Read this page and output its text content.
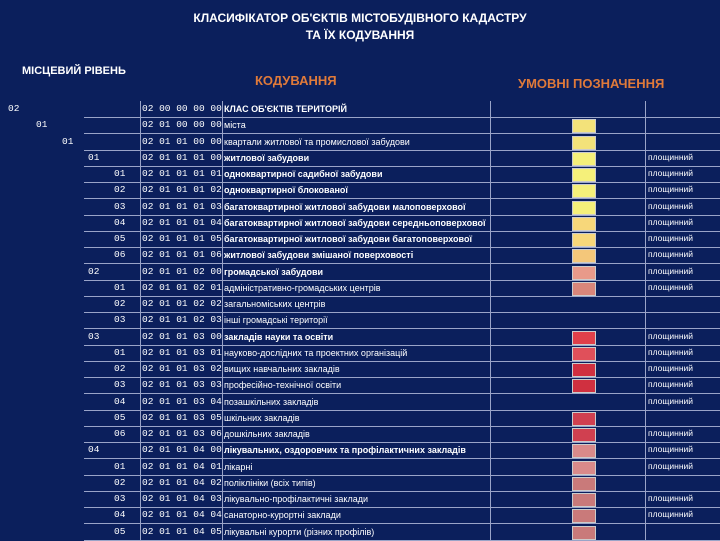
КЛАСИФІКАТОР ОБ'ЄКТІВ МІСТОБУДІВНОГО КАДАСТРУ
ТА ЇХ КОДУВАННЯ
МІСЦЕВИЙ РІВЕНЬ
КОДУВАННЯ	УМОВНІ ПОЗНАЧЕННЯ
02	02 00 00 00 00 КЛАС ОБ'ЄКТІВ ТЕРИТОРІЙ
01	02 01 00 00 00 міста
01	02 01 01 00 00 квартали житлової та промислової забудови
01	02 01 01 01 00 житлової забудови	площинний
01 02 01 01 01 01 одноквартирної садибної забудови	площинний
02 02 01 01 01 02 одноквартирної блокованої	площинний
03 02 01 01 01 03 багатоквартирної житлової забудови малоповерхової	площинний
04 02 01 01 01 04 багатоквартирної житлової забудови середньоповерхової	площинний
05 02 01 01 01 05 багатоквартирної житлової забудови багатоповерхової	площинний
06 02 01 01 01 06 житлової забудови змішаної поверховості	площинний
02	02 01 01 02 00 громадської забудови	площинний
01 02 01 01 02 01 адміністративно-громадських центрів	площинний
02 02 01 01 02 02 загальноміських центрів
03 02 01 01 02 03 інші громадські території
03	02 01 01 03 00 закладів науки та освіти	площинний
01 02 01 01 03 01 науково-дослідних та проектних організацій	площинний
02 02 01 01 03 02 вищих навчальних закладів	площинний
03 02 01 01 03 03 професійно-технічної освіти	площинний
04 02 01 01 03 04 позашкільних закладів	площинний
05 02 01 01 03 05 шкільних закладів
06 02 01 01 03 06 дошкільних закладів	площинний
04	02 01 01 04 00 лікувальних, оздоровчих та профілактичних закладів	площинний
01 02 01 01 04 01 лікарні	площинний
02 02 01 01 04 02 поліклініки (всіх типів)
03 02 01 01 04 03 лікувально-профілактичні заклади	площинний
04 02 01 01 04 04 санаторно-курортні заклади	площинний
05 02 01 01 04 05 лікувальні курорти (різних профілів)
